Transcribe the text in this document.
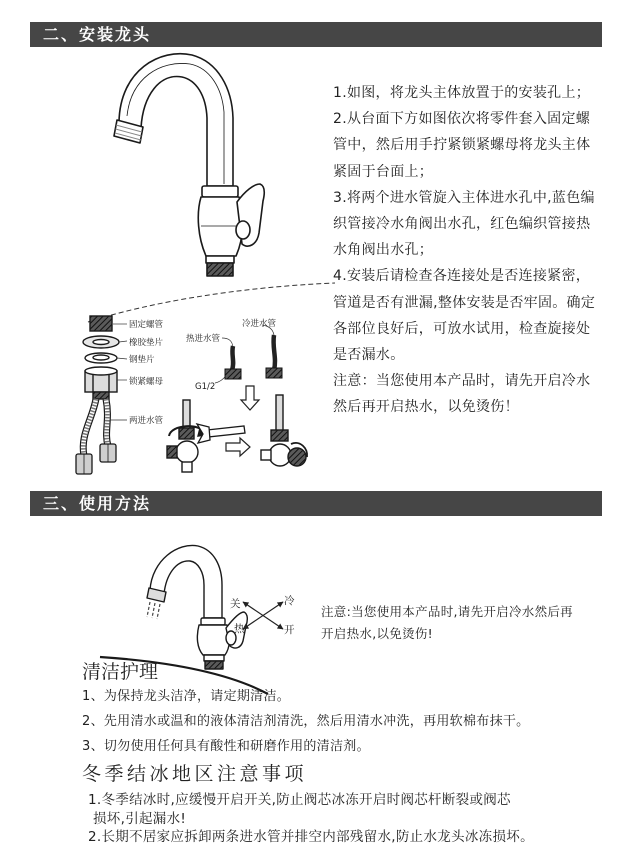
二、安装龙头
固定螺管
橡胶垫片
钢垫片
锁紧螺母
两进水管
热进水管
冷进水管
G1/2
1.如图，将龙头主体放置于的安装孔上；
2.从台面下方如图依次将零件套入固定螺
管中，然后用手拧紧锁紧螺母将龙头主体
紧固于台面上；
3.将两个进水管旋入主体进水孔中,蓝色编
织管接冷水角阀出水孔，红色编织管接热
水角阀出水孔；
4.安装后请检查各连接处是否连接紧密，
管道是否有泄漏,整体安装是否牢固。确定
各部位良好后，可放水试用，检查旋接处
是否漏水。
注意：当您使用本产品时，请先开启冷水
然后再开启热水，以免烫伤！
三、使用方法
关	冷
热	开
注意:当您使用本产品时,请先开启冷水然后再
开启热水,以免烫伤!
清洁护理
1、为保持龙头洁净，请定期清洁。
2、先用清水或温和的液体清洁剂清洗，然后用清水冲洗，再用软棉布抹干。
3、切勿使用任何具有酸性和研磨作用的清洁剂。
冬季结冰地区注意事项
1.冬季结冰时,应缓慢开启开关,防止阀芯冰冻开启时阀芯杆断裂或阀芯
损坏,引起漏水!
2.长期不居家应拆卸两条进水管并排空内部残留水,防止水龙头冰冻损坏。
